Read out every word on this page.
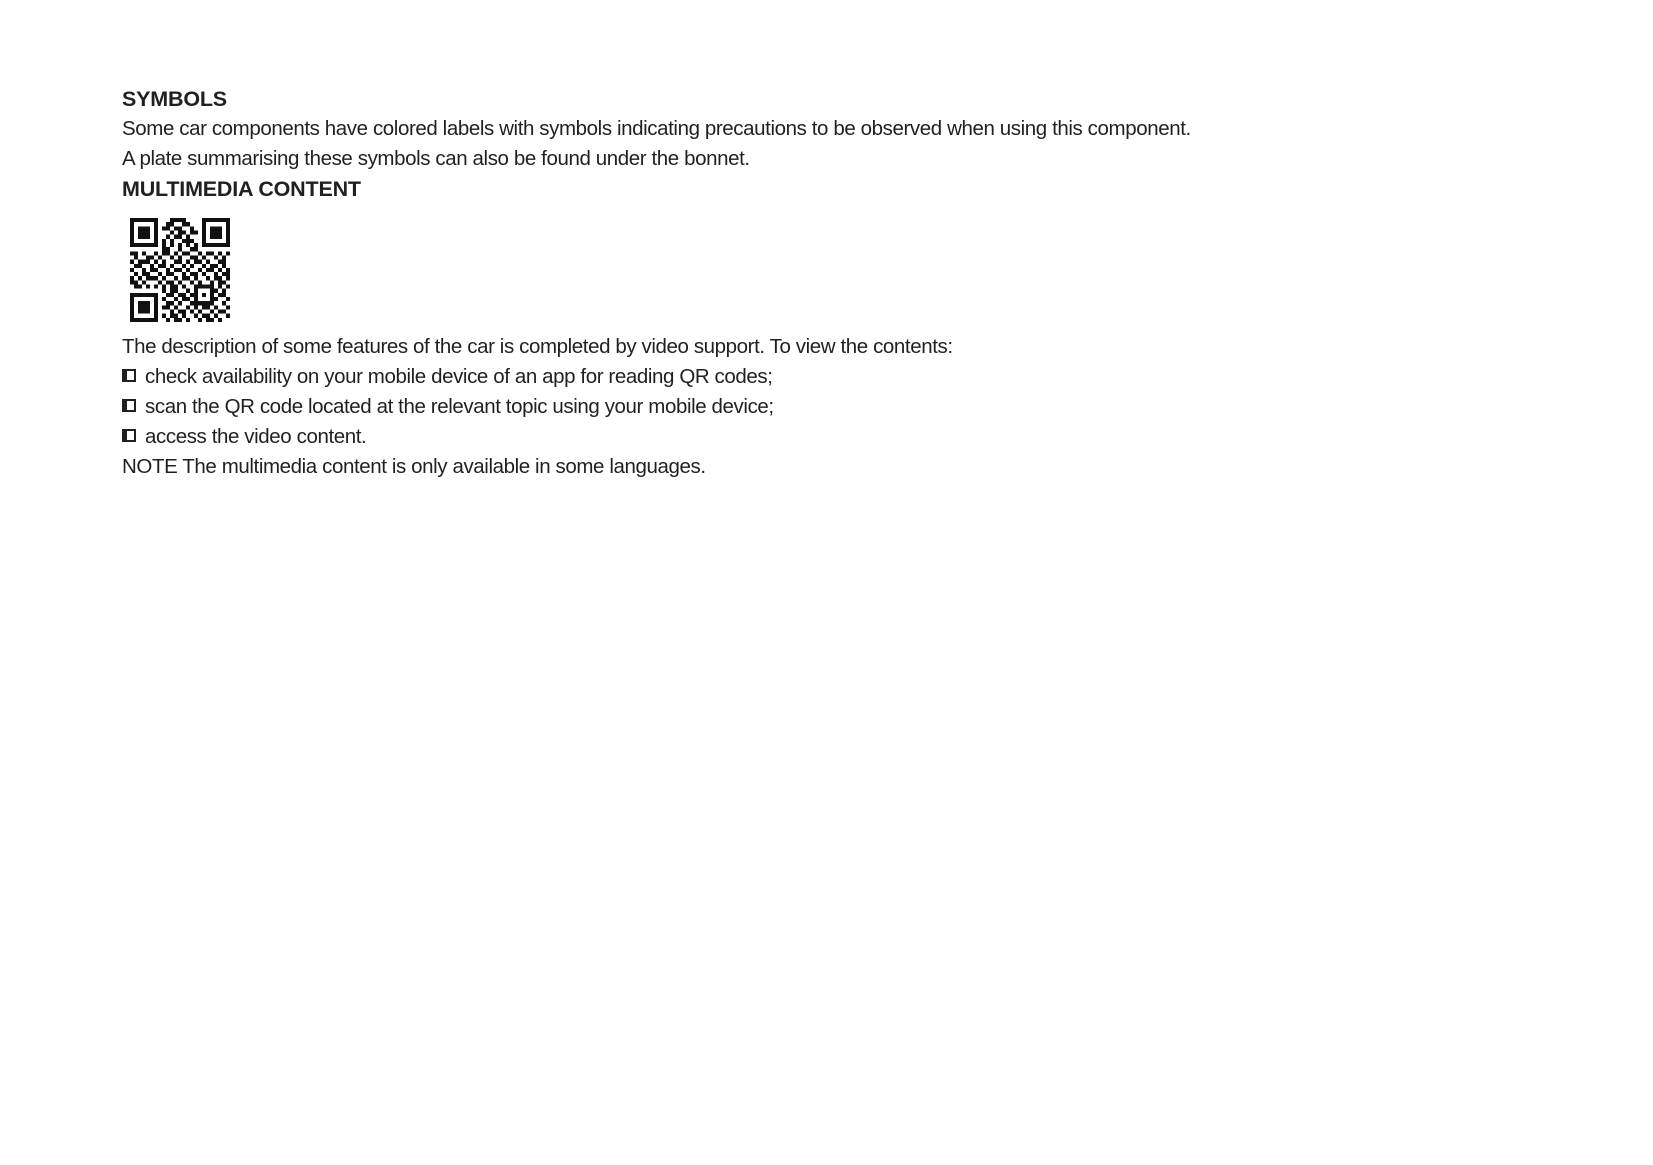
SYMBOLS
Some car components have colored labels with symbols indicating precautions to be observed when using this component.
A plate summarising these symbols can also be found under the bonnet.
MULTIMEDIA CONTENT
The description of some features of the car is completed by video support. To view the contents:
check availability on your mobile device of an app for reading QR codes;
scan the QR code located at the relevant topic using your mobile device;
access the video content.
NOTE The multimedia content is only available in some languages.
